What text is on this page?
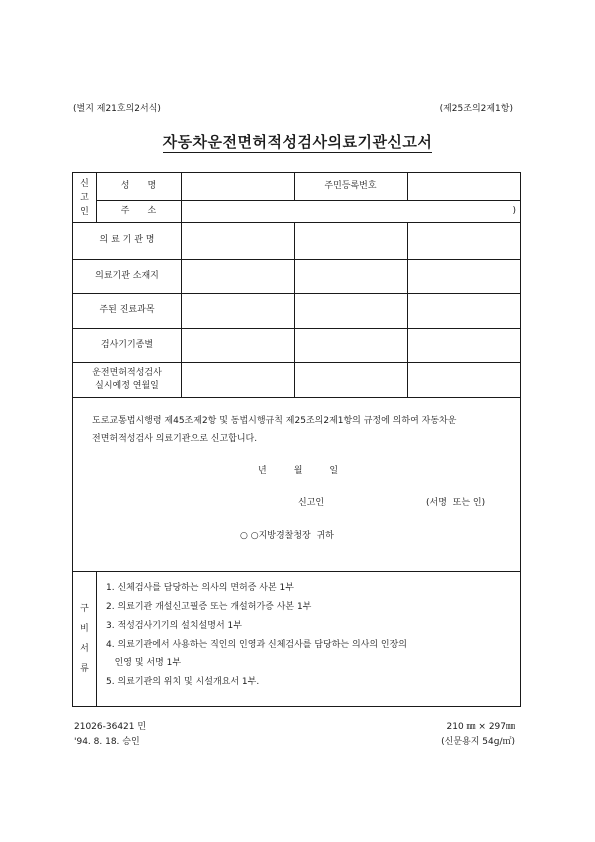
(별지 제21호의2서식)	(제25조의2제1항)
자동차운전면허적성검사의료기관신고서
신
고
인
성　　명	주민등록번호
주　　소	)
의 료 기 관 명
의료기관 소재지
주된 진료과목
검사기기종별
운전면허적성검사
실시예정 연월일
구
비
서
류
도로교통법시행령 제45조제2항 및 동법시행규칙 제25조의2제1항의 규정에 의하여 자동차운
전면허적성검사 의료기관으로 신고합니다.
년　　　월　　　일
신고인	(서명  또는 인)
○ ○지방경찰청장  귀하
1. 신체검사를 담당하는 의사의 면허증 사본 1부
2. 의료기관 개설신고필증 또는 개설허가증 사본 1부
3. 적성검사기기의 설치설명서 1부
4. 의료기관에서 사용하는 직인의 인영과 신체검사를 담당하는 의사의 인장의
인영 및 서명 1부
5. 의료기관의 위치 및 시설개요서 1부.
21026-36421 민
'94. 8. 18. 승인
210 ㎜ × 297㎜
(신문용지 54g/㎡)
